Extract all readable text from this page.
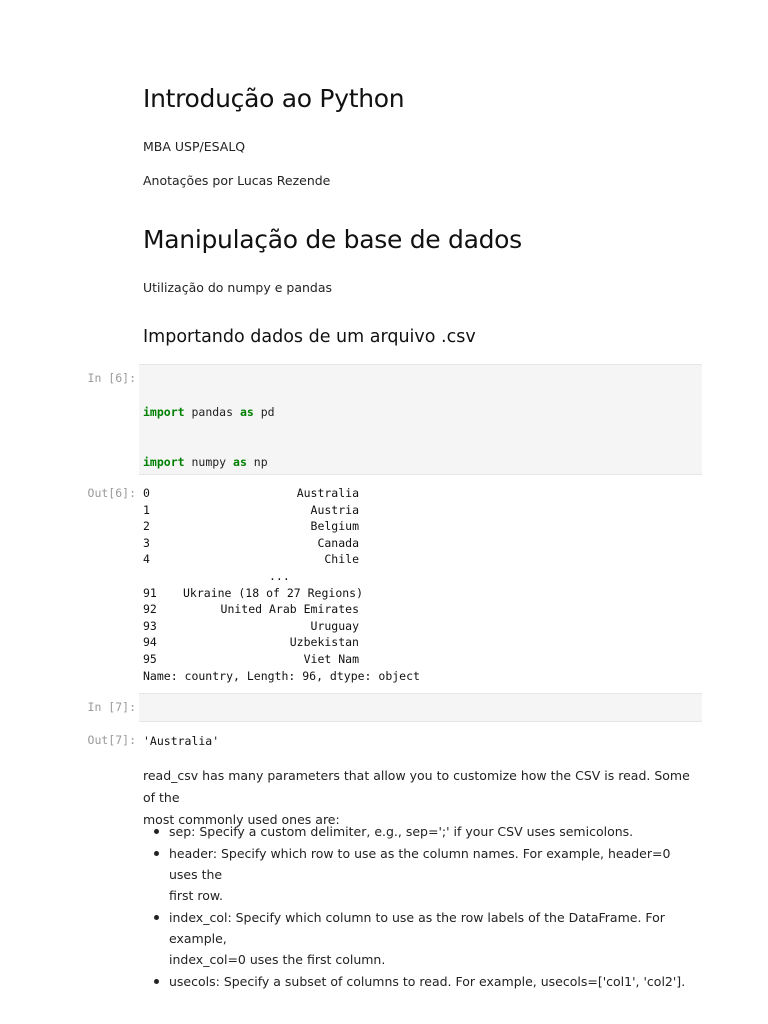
Introdução ao Python

MBA USP/ESALQ

Anotações por Lucas Rezende

Manipulação de base de dados

Utilização do numpy e pandas

Importando dados de um arquivo .csv
In [6]:

import pandas as pd

import numpy as np

Out[6]: 0	Australia
1	Austria
2	Belgium
3	Canada
4	Chile
...
91	Ukraine (18 of 27 Regions)
92	United Arab Emirates
93	Uruguay
94	Uzbekistan
95	Viet Nam
Name: country, Length: 96, dtype: object
In [7]:

Out[7]: 'Australia'
read_csv has many parameters that allow you to customize how the CSV is read. Some of the
most commonly used ones are:
sep: Specify a custom delimiter, e.g., sep=';' if your CSV uses semicolons.
header: Specify which row to use as the column names. For example, header=0 uses the
first row.
index_col: Specify which column to use as the row labels of the DataFrame. For example,
index_col=0 uses the first column.
usecols: Specify a subset of columns to read. For example, usecols=['col1', 'col2'].
